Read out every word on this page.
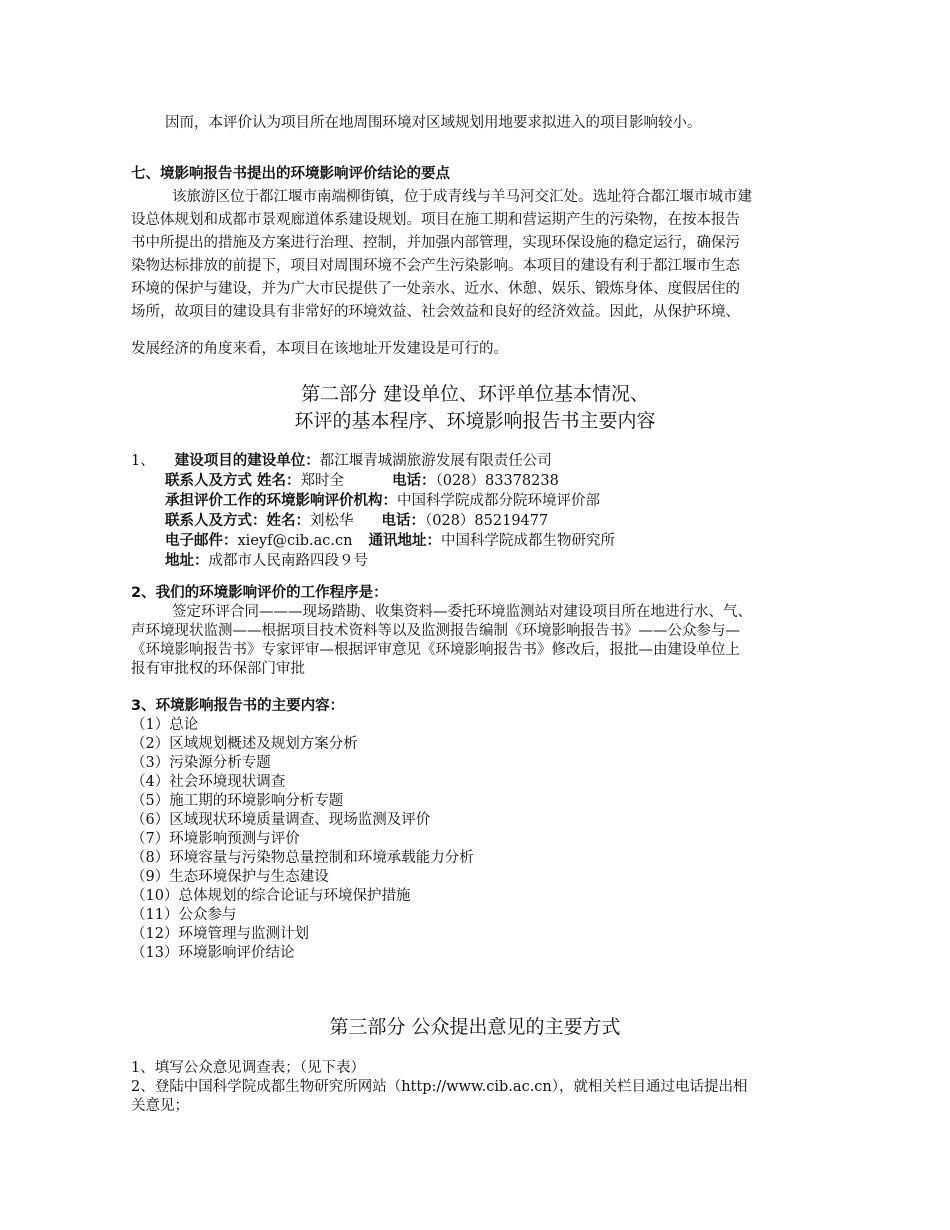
因而，本评价认为项目所在地周围环境对区域规划用地要求拟进入的项目影响较小。
七、境影响报告书提出的环境影响评价结论的要点
该旅游区位于都江堰市南端柳街镇，位于成青线与羊马河交汇处。选址符合都江堰市城市建
设总体规划和成都市景观廊道体系建设规划。项目在施工期和营运期产生的污染物，在按本报告
书中所提出的措施及方案进行治理、控制，并加强内部管理，实现环保设施的稳定运行，确保污
染物达标排放的前提下，项目对周围环境不会产生污染影响。本项目的建设有利于都江堰市生态
环境的保护与建设，并为广大市民提供了一处亲水、近水、休憩、娱乐、锻炼身体、度假居住的
场所，故项目的建设具有非常好的环境效益、社会效益和良好的经济效益。因此，从保护环境、
发展经济的角度来看，本项目在该地址开发建设是可行的。
第二部分 建设单位、环评单位基本情况、
环评的基本程序、环境影响报告书主要内容
1、 建设项目的建设单位：都江堰青城湖旅游发展有限责任公司
联系人及方式 姓名：郑时全	电话：（028）83378238
承担评价工作的环境影响评价机构：中国科学院成都分院环境评价部
联系人及方式：姓名：刘松华 电话：（028）85219477
电子邮件：xieyf@cib.ac.cn 通讯地址：中国科学院成都生物研究所
地址：成都市人民南路四段９号
2、我们的环境影响评价的工作程序是：
签定环评合同———现场踏勘、收集资料—委托环境监测站对建设项目所在地进行水、气、
声环境现状监测——根据项目技术资料等以及监测报告编制《环境影响报告书》——公众参与—
《环境影响报告书》专家评审—根据评审意见《环境影响报告书》修改后，报批—由建设单位上
报有审批权的环保部门审批
3、环境影响报告书的主要内容：
（1）总论
（2）区域规划概述及规划方案分析
（3）污染源分析专题
（4）社会环境现状调查
（5）施工期的环境影响分析专题
（6）区域现状环境质量调查、现场监测及评价
（7）环境影响预测与评价
（8）环境容量与污染物总量控制和环境承载能力分析
（9）生态环境保护与生态建设
（10）总体规划的综合论证与环境保护措施
（11）公众参与
（12）环境管理与监测计划
（13）环境影响评价结论
第三部分 公众提出意见的主要方式
1、填写公众意见调查表；（见下表）
2、登陆中国科学院成都生物研究所网站（http://www.cib.ac.cn），就相关栏目通过电话提出相
关意见；
